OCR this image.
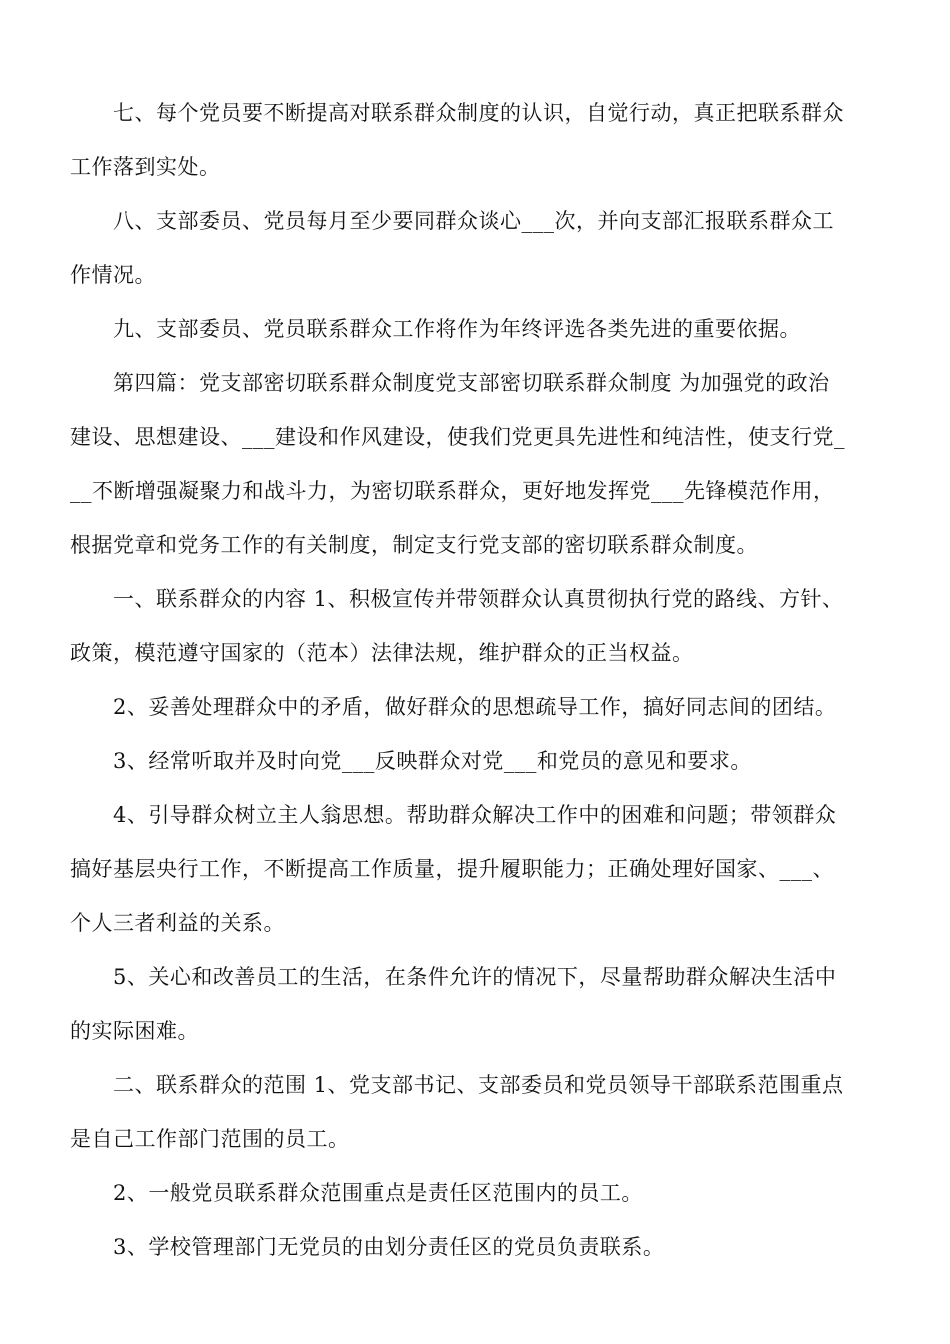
七、每个党员要不断提高对联系群众制度的认识，自觉行动，真正把联系群众
工作落到实处。

八、支部委员、党员每月至少要同群众谈心___次，并向支部汇报联系群众工
作情况。

九、支部委员、党员联系群众工作将作为年终评选各类先进的重要依据。

第四篇：党支部密切联系群众制度党支部密切联系群众制度 为加强党的政治
建设、思想建设、___建设和作风建设，使我们党更具先进性和纯洁性，使支行党_
__不断增强凝聚力和战斗力，为密切联系群众，更好地发挥党___先锋模范作用，
根据党章和党务工作的有关制度，制定支行党支部的密切联系群众制度。

一、联系群众的内容 1、积极宣传并带领群众认真贯彻执行党的路线、方针、
政策，模范遵守国家的（范本）法律法规，维护群众的正当权益。

2、妥善处理群众中的矛盾，做好群众的思想疏导工作，搞好同志间的团结。

3、经常听取并及时向党___反映群众对党___和党员的意见和要求。

4、引导群众树立主人翁思想。帮助群众解决工作中的困难和问题；带领群众
搞好基层央行工作，不断提高工作质量，提升履职能力；正确处理好国家、___、
个人三者利益的关系。

5、关心和改善员工的生活，在条件允许的情况下，尽量帮助群众解决生活中
的实际困难。

二、联系群众的范围 1、党支部书记、支部委员和党员领导干部联系范围重点
是自己工作部门范围的员工。

2、一般党员联系群众范围重点是责任区范围内的员工。

3、学校管理部门无党员的由划分责任区的党员负责联系。
